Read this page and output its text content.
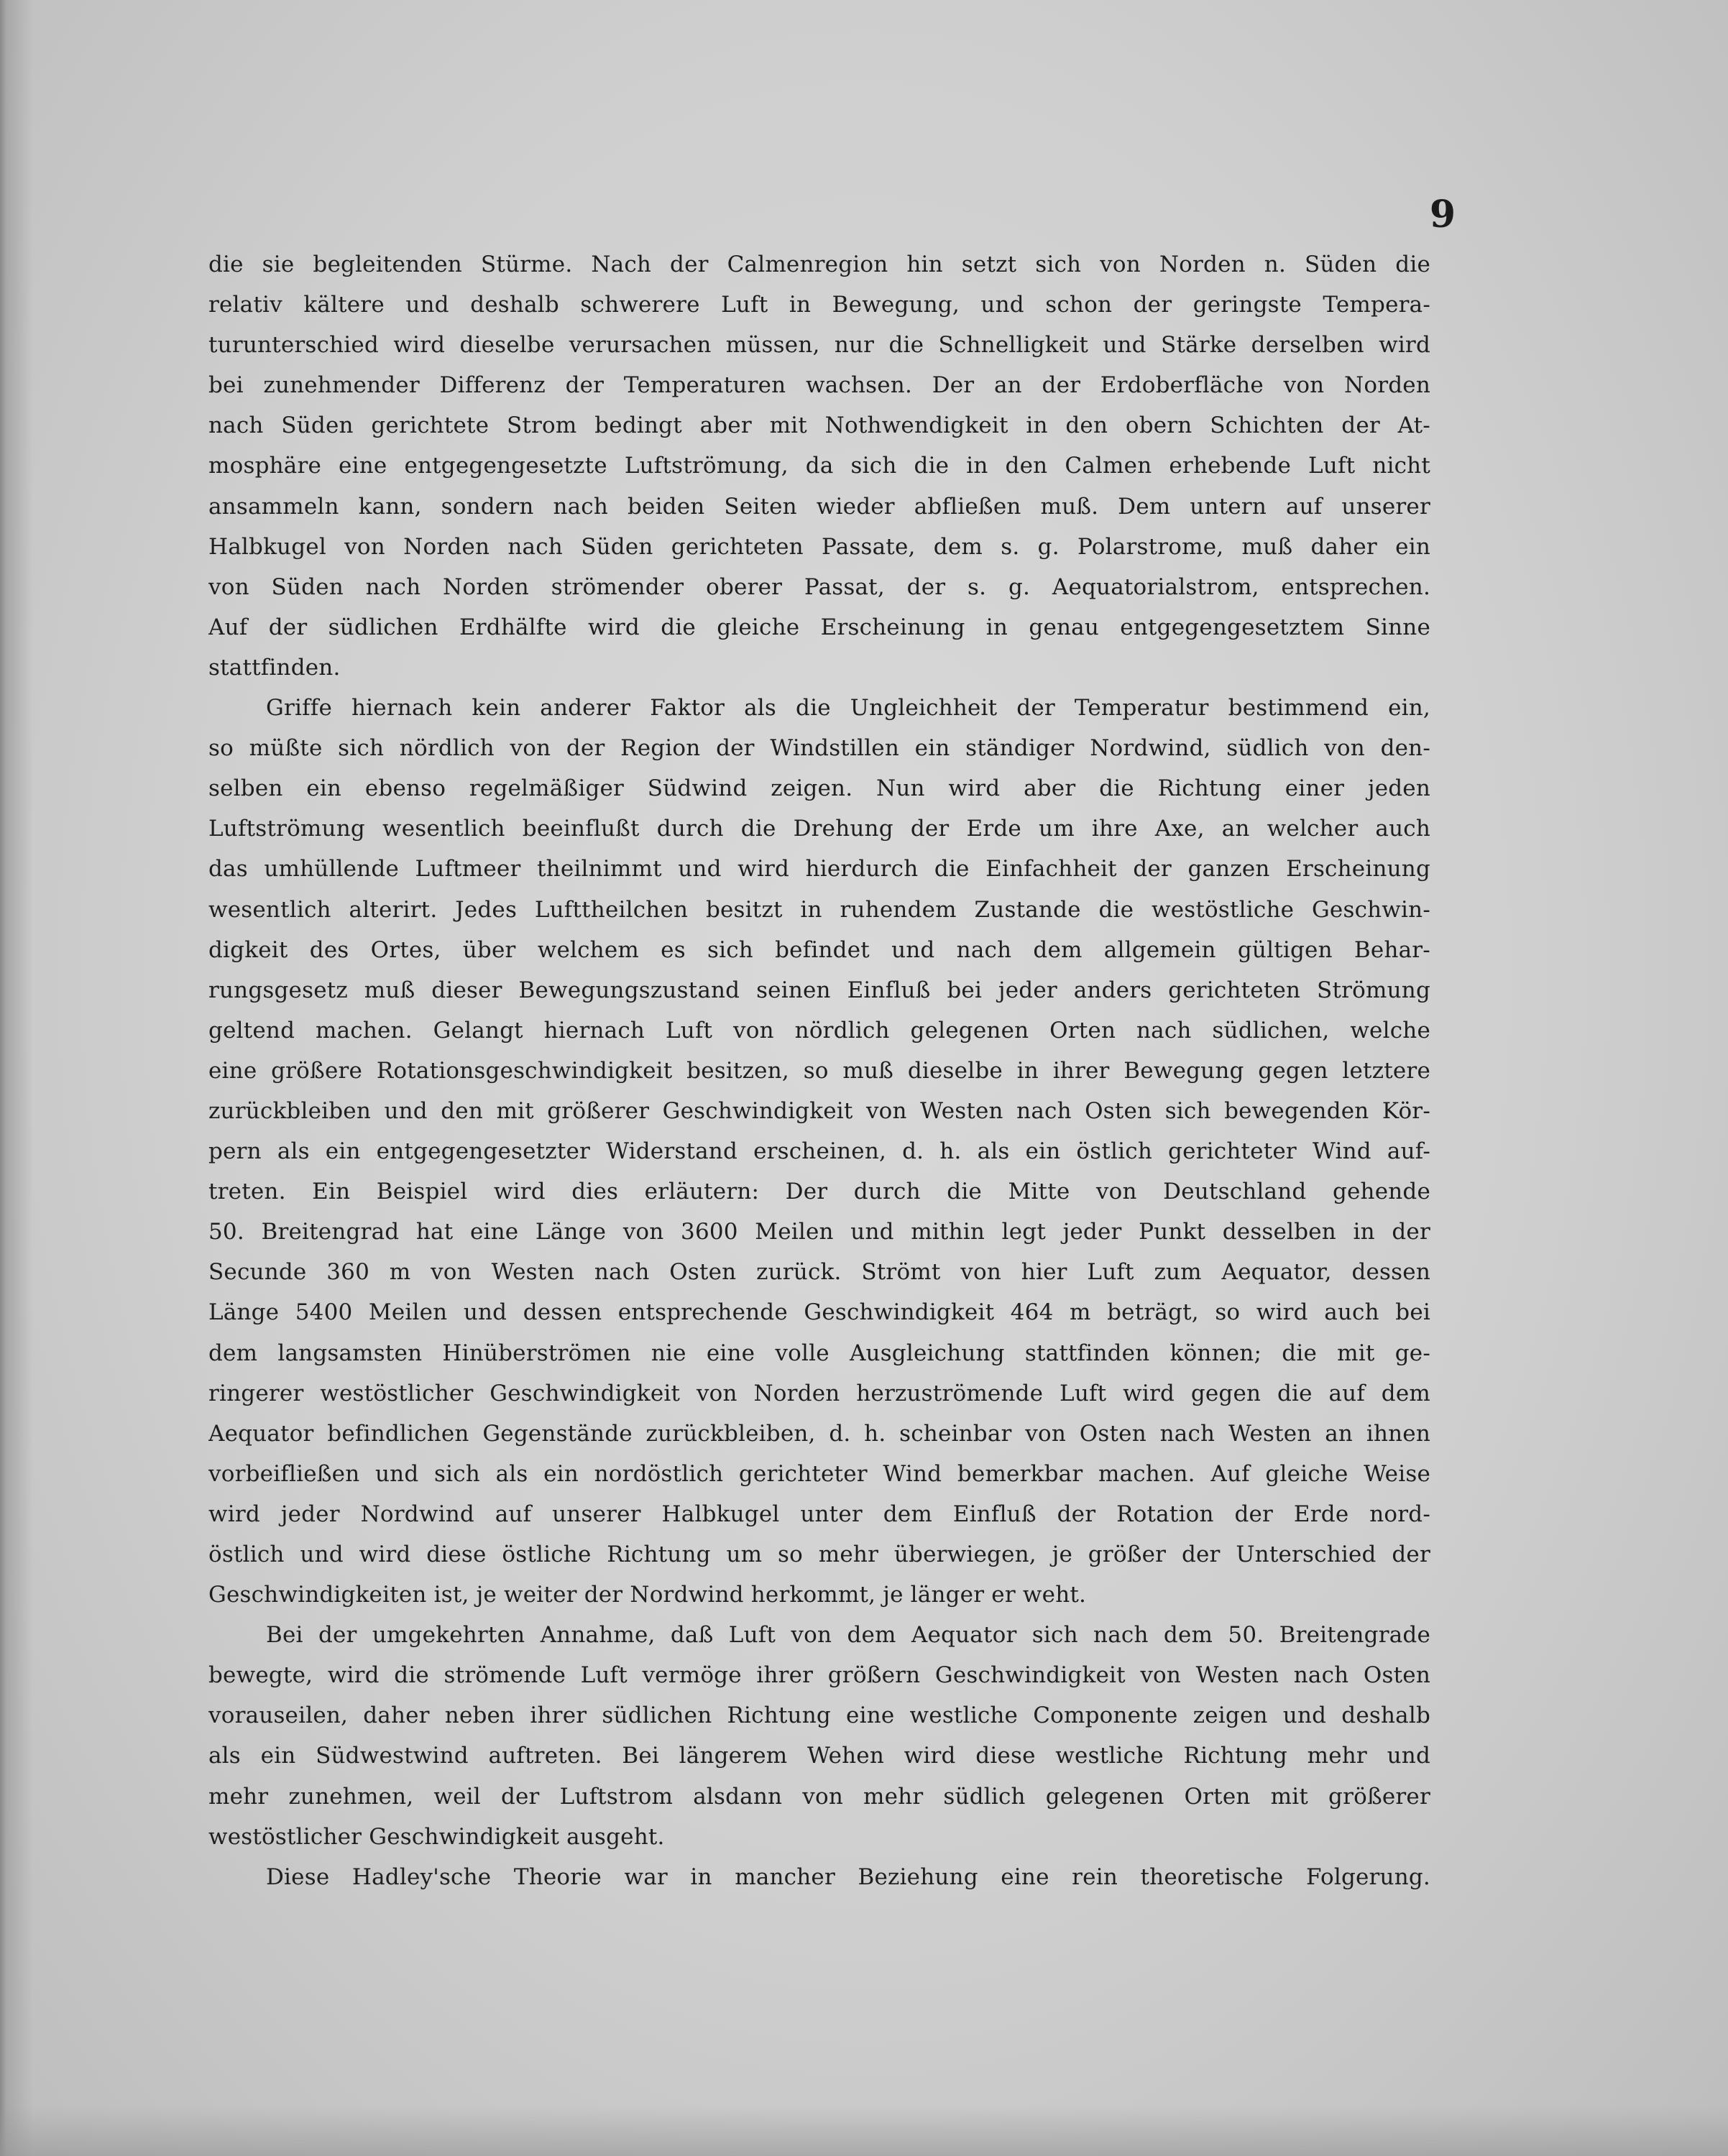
9
die sie begleitenden Stürme. Nach der Calmenregion hin setzt sich von Norden n. Süden die
relativ kältere und deshalb schwerere Luft in Bewegung, und schon der geringste Tempera-
turunterschied wird dieselbe verursachen müssen, nur die Schnelligkeit und Stärke derselben wird
bei zunehmender Differenz der Temperaturen wachsen. Der an der Erdoberfläche von Norden
nach Süden gerichtete Strom bedingt aber mit Nothwendigkeit in den obern Schichten der At-
mosphäre eine entgegengesetzte Luftströmung, da sich die in den Calmen erhebende Luft nicht
ansammeln kann, sondern nach beiden Seiten wieder abfließen muß. Dem untern auf unserer
Halbkugel von Norden nach Süden gerichteten Passate, dem s. g. Polarstrome, muß daher ein
von Süden nach Norden strömender oberer Passat, der s. g. Aequatorialstrom, entsprechen.
Auf der südlichen Erdhälfte wird die gleiche Erscheinung in genau entgegengesetztem Sinne
stattfinden.
Griffe hiernach kein anderer Faktor als die Ungleichheit der Temperatur bestimmend ein,
so müßte sich nördlich von der Region der Windstillen ein ständiger Nordwind, südlich von den-
selben ein ebenso regelmäßiger Südwind zeigen. Nun wird aber die Richtung einer jeden
Luftströmung wesentlich beeinflußt durch die Drehung der Erde um ihre Axe, an welcher auch
das umhüllende Luftmeer theilnimmt und wird hierdurch die Einfachheit der ganzen Erscheinung
wesentlich alterirt. Jedes Lufttheilchen besitzt in ruhendem Zustande die westöstliche Geschwin-
digkeit des Ortes, über welchem es sich befindet und nach dem allgemein gültigen Behar-
rungsgesetz muß dieser Bewegungszustand seinen Einfluß bei jeder anders gerichteten Strömung
geltend machen. Gelangt hiernach Luft von nördlich gelegenen Orten nach südlichen, welche
eine größere Rotationsgeschwindigkeit besitzen, so muß dieselbe in ihrer Bewegung gegen letztere
zurückbleiben und den mit größerer Geschwindigkeit von Westen nach Osten sich bewegenden Kör-
pern als ein entgegengesetzter Widerstand erscheinen, d. h. als ein östlich gerichteter Wind auf-
treten. Ein Beispiel wird dies erläutern: Der durch die Mitte von Deutschland gehende
50. Breitengrad hat eine Länge von 3600 Meilen und mithin legt jeder Punkt desselben in der
Secunde 360 m von Westen nach Osten zurück. Strömt von hier Luft zum Aequator, dessen
Länge 5400 Meilen und dessen entsprechende Geschwindigkeit 464 m beträgt, so wird auch bei
dem langsamsten Hinüberströmen nie eine volle Ausgleichung stattfinden können; die mit ge-
ringerer westöstlicher Geschwindigkeit von Norden herzuströmende Luft wird gegen die auf dem
Aequator befindlichen Gegenstände zurückbleiben, d. h. scheinbar von Osten nach Westen an ihnen
vorbeifließen und sich als ein nordöstlich gerichteter Wind bemerkbar machen. Auf gleiche Weise
wird jeder Nordwind auf unserer Halbkugel unter dem Einfluß der Rotation der Erde nord-
östlich und wird diese östliche Richtung um so mehr überwiegen, je größer der Unterschied der
Geschwindigkeiten ist, je weiter der Nordwind herkommt, je länger er weht.
Bei der umgekehrten Annahme, daß Luft von dem Aequator sich nach dem 50. Breitengrade
bewegte, wird die strömende Luft vermöge ihrer größern Geschwindigkeit von Westen nach Osten
vorauseilen, daher neben ihrer südlichen Richtung eine westliche Componente zeigen und deshalb
als ein Südwestwind auftreten. Bei längerem Wehen wird diese westliche Richtung mehr und
mehr zunehmen, weil der Luftstrom alsdann von mehr südlich gelegenen Orten mit größerer
westöstlicher Geschwindigkeit ausgeht.
Diese Hadley'sche Theorie war in mancher Beziehung eine rein theoretische Folgerung.
